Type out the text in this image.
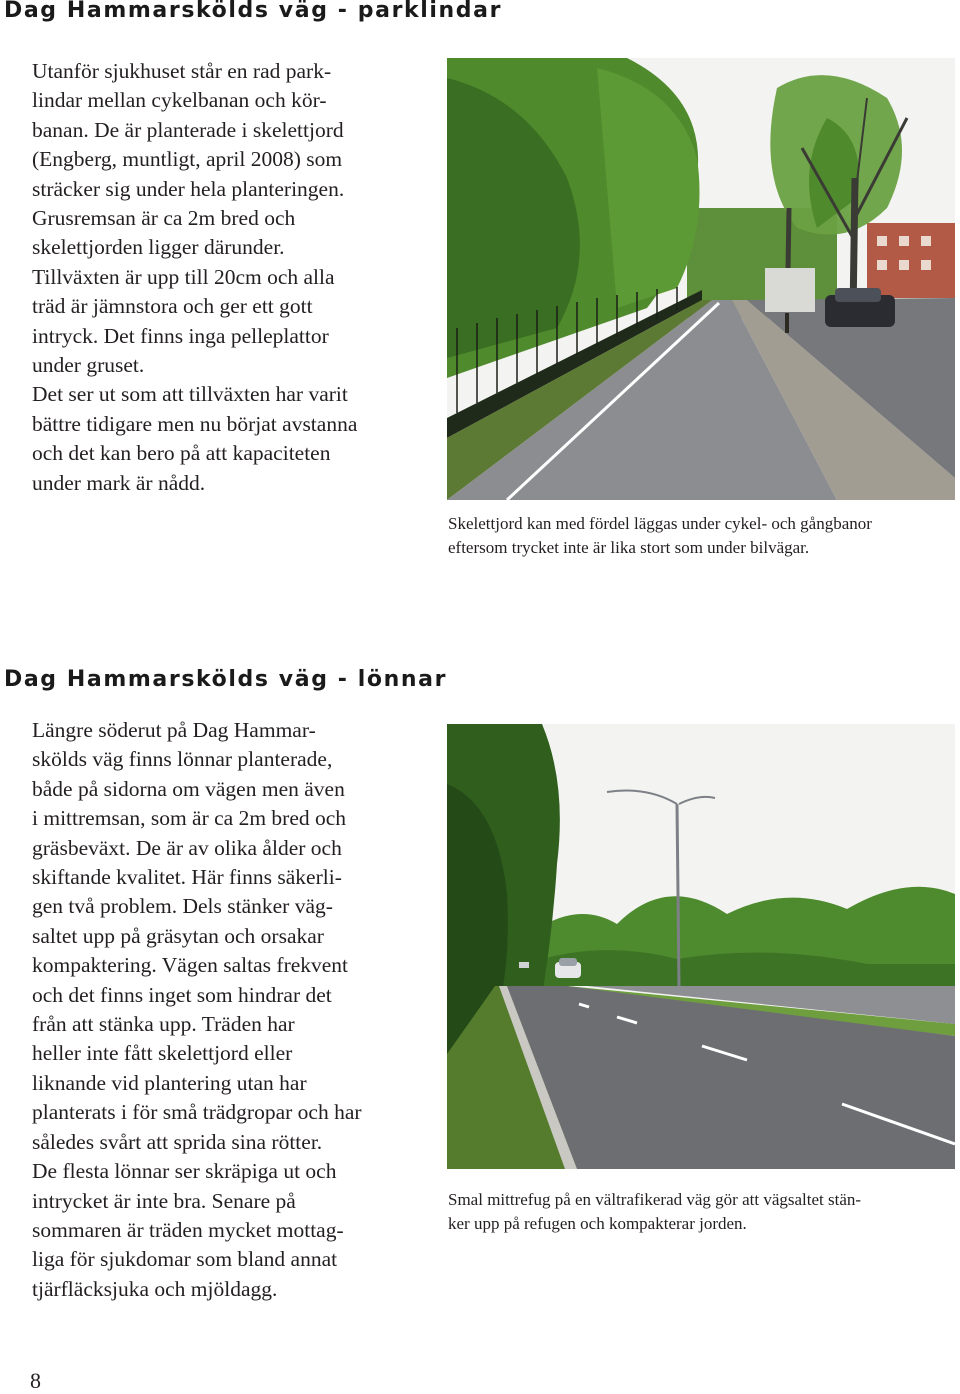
Dag Hammarskölds väg - parklindar
Utanför sjukhuset står en rad park-
lindar mellan cykelbanan och kör-
banan. De är planterade i skelettjord
(Engberg, muntligt, april 2008) som
sträcker sig under hela planteringen.
Grusremsan är ca 2m bred och
skelettjorden ligger därunder.
Tillväxten är upp till 20cm och alla
träd är jämnstora och ger ett gott
intryck. Det finns inga pelleplattor
under gruset.
Det ser ut som att tillväxten har varit
bättre tidigare men nu börjat avstanna
och det kan bero på att kapaciteten
under mark är nådd.
Skelettjord kan med fördel läggas under cykel- och gångbanor
eftersom trycket inte är lika stort som under bilvägar.
Dag Hammarskölds väg - lönnar
Längre söderut på Dag Hammar-
skölds väg finns lönnar planterade,
både på sidorna om vägen men även
i mittremsan, som är ca 2m bred och
gräsbeväxt. De är av olika ålder och
skiftande kvalitet. Här finns säkerli-
gen två problem. Dels stänker väg-
saltet upp på gräsytan och orsakar
kompaktering. Vägen saltas frekvent
och det finns inget som hindrar det
från att stänka upp. Träden har
heller inte fått skelettjord eller
liknande vid plantering utan har
planterats i för små trädgropar och har
således svårt att sprida sina rötter.
De flesta lönnar ser skräpiga ut och
intrycket är inte bra. Senare på
sommaren är träden mycket mottag-
liga för sjukdomar som bland annat
tjärfläcksjuka och mjöldagg.
Smal mittrefug på en vältrafikerad väg gör att vägsaltet stän-
ker upp på refugen och kompakterar jorden.
8
